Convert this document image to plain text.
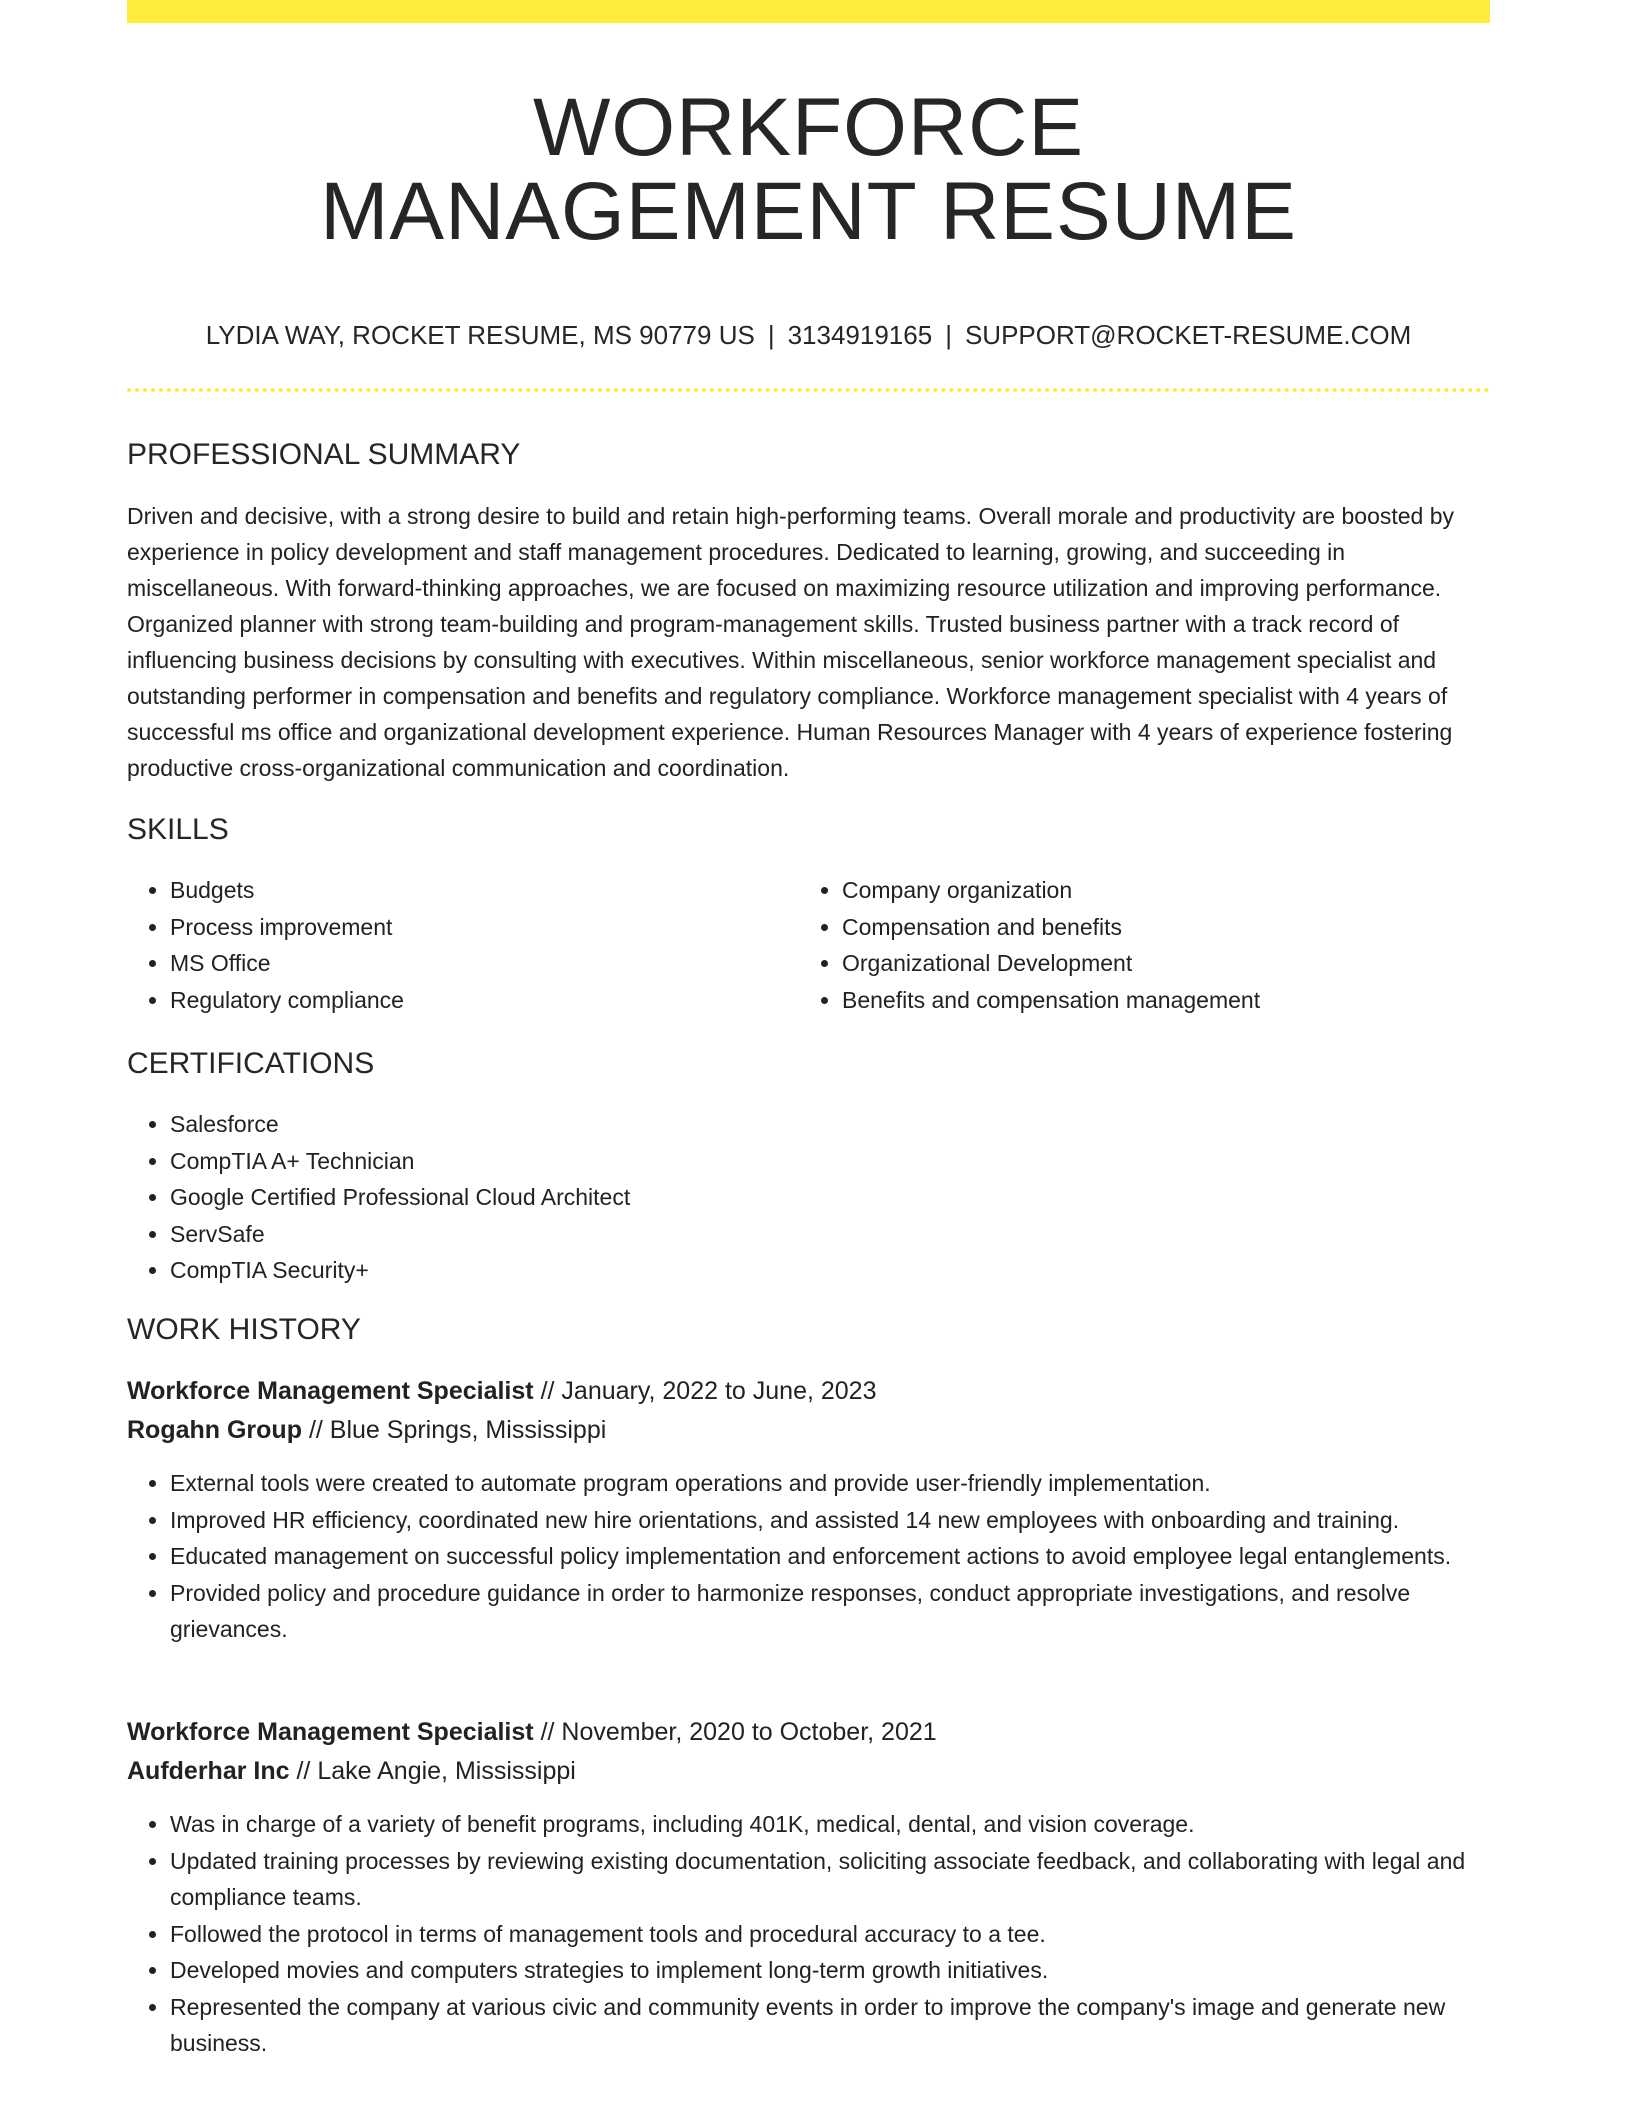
WORKFORCE
MANAGEMENT RESUME
LYDIA WAY, ROCKET RESUME, MS 90779 US | 3134919165 | SUPPORT@ROCKET-RESUME.COM
PROFESSIONAL SUMMARY

Driven and decisive, with a strong desire to build and retain high-performing teams. Overall morale and productivity are boosted by experience in policy development and staff management procedures. Dedicated to learning, growing, and succeeding in miscellaneous. With forward-thinking approaches, we are focused on maximizing resource utilization and improving performance. Organized planner with strong team-building and program-management skills. Trusted business partner with a track record of influencing business decisions by consulting with executives. Within miscellaneous, senior workforce management specialist and outstanding performer in compensation and benefits and regulatory compliance. Workforce management specialist with 4 years of successful ms office and organizational development experience. Human Resources Manager with 4 years of experience fostering productive cross-organizational communication and coordination.

SKILLS
• Budgets
• Process improvement
• MS Office
• Regulatory compliance
• Company organization
• Compensation and benefits
• Organizational Development
• Benefits and compensation management
CERTIFICATIONS
• Salesforce
• CompTIA A+ Technician
• Google Certified Professional Cloud Architect
• ServSafe
• CompTIA Security+
WORK HISTORY
Workforce Management Specialist // January, 2022 to June, 2023
Rogahn Group // Blue Springs, Mississippi
• External tools were created to automate program operations and provide user-friendly implementation.
• Improved HR efficiency, coordinated new hire orientations, and assisted 14 new employees with onboarding and training.
• Educated management on successful policy implementation and enforcement actions to avoid employee legal entanglements.
• Provided policy and procedure guidance in order to harmonize responses, conduct appropriate investigations, and resolve grievances.
Workforce Management Specialist // November, 2020 to October, 2021
Aufderhar Inc // Lake Angie, Mississippi
• Was in charge of a variety of benefit programs, including 401K, medical, dental, and vision coverage.
• Updated training processes by reviewing existing documentation, soliciting associate feedback, and collaborating with legal and compliance teams.
• Followed the protocol in terms of management tools and procedural accuracy to a tee.
• Developed movies and computers strategies to implement long-term growth initiatives.
• Represented the company at various civic and community events in order to improve the company's image and generate new business.
